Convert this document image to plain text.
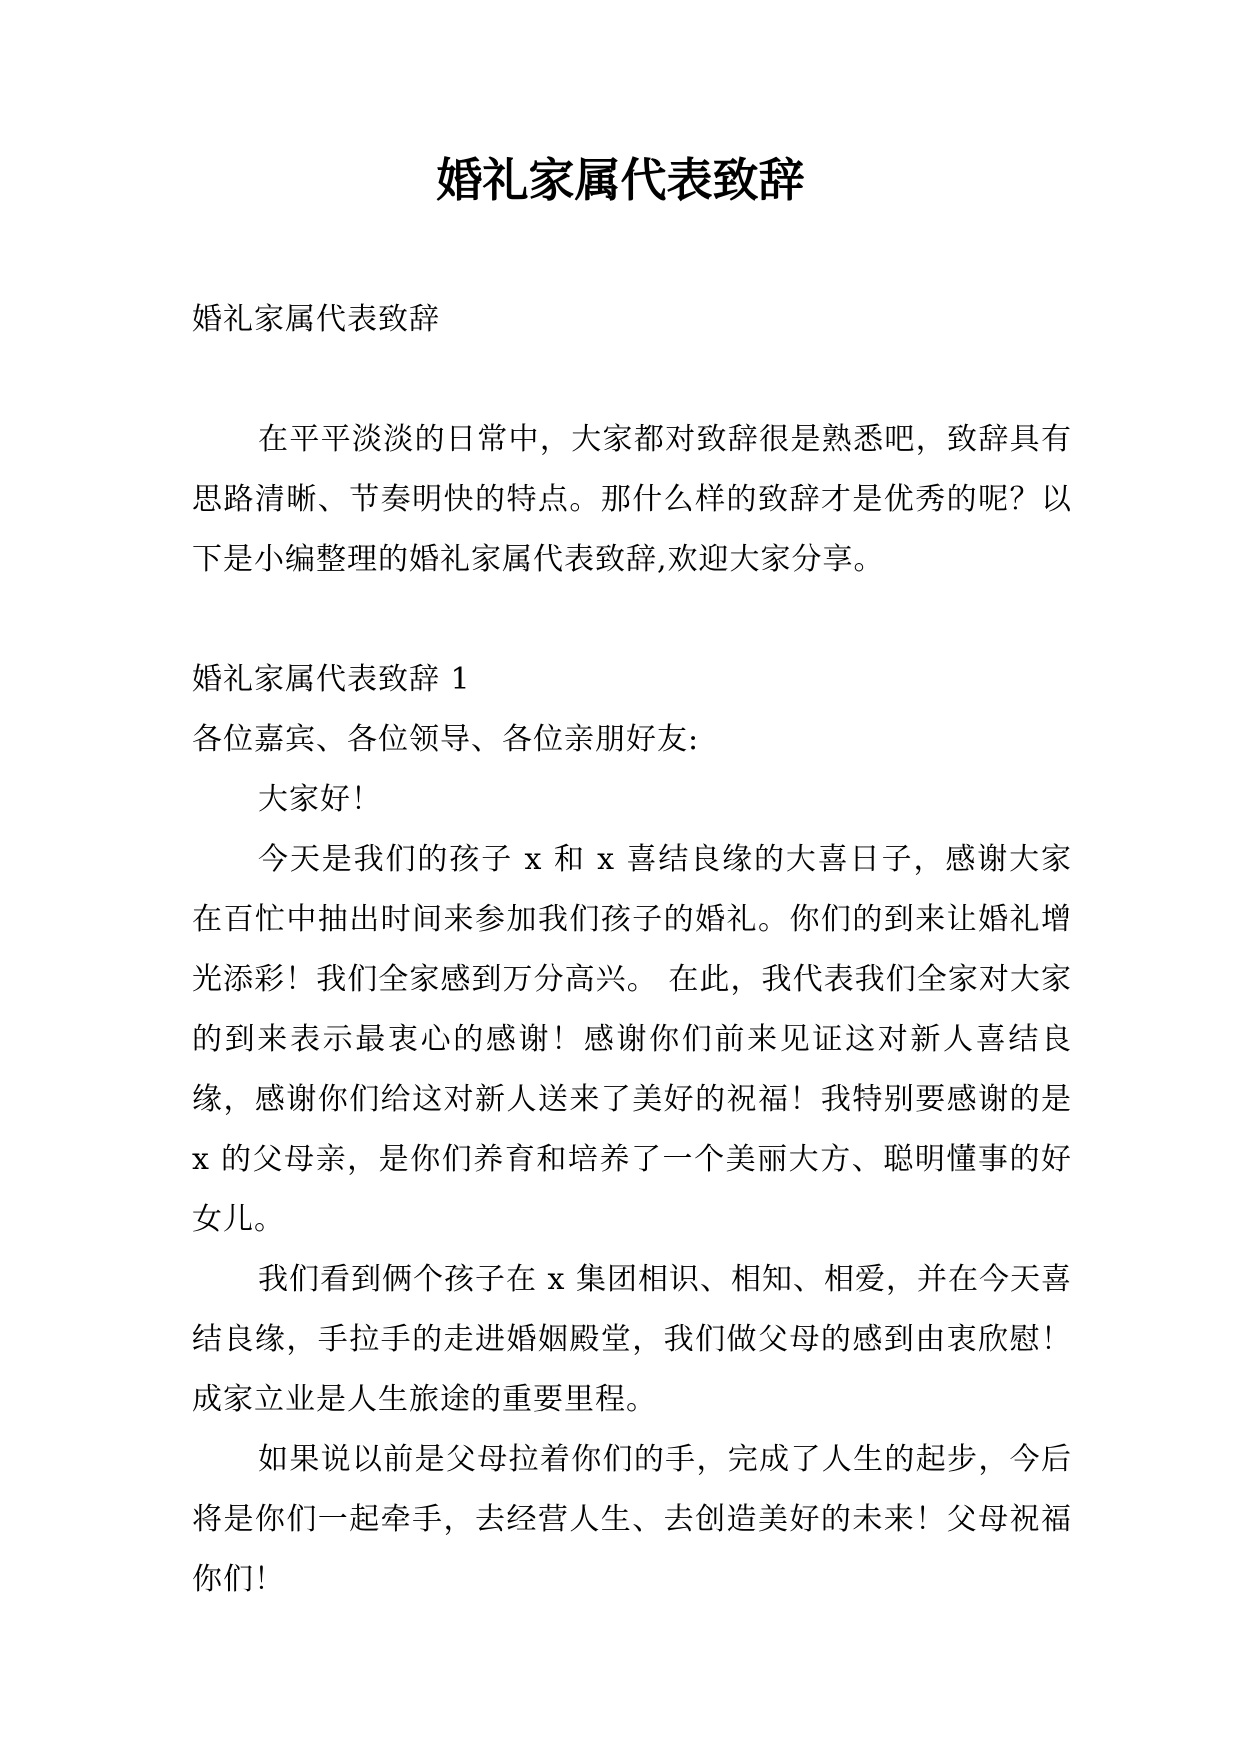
婚礼家属代表致辞

婚礼家属代表致辞

在平平淡淡的日常中，大家都对致辞很是熟悉吧，致辞具有思路清晰、节奏明快的特点。那什么样的致辞才是优秀的呢？以下是小编整理的婚礼家属代表致辞,欢迎大家分享。

婚礼家属代表致辞 1

各位嘉宾、各位领导、各位亲朋好友:

大家好！

今天是我们的孩子 x 和 x 喜结良缘的大喜日子，感谢大家在百忙中抽出时间来参加我们孩子的婚礼。你们的到来让婚礼增光添彩！我们全家感到万分高兴。 在此，我代表我们全家对大家的到来表示最衷心的感谢！感谢你们前来见证这对新人喜结良缘，感谢你们给这对新人送来了美好的祝福！我特别要感谢的是 x 的父母亲，是你们养育和培养了一个美丽大方、聪明懂事的好女儿。

我们看到俩个孩子在 x 集团相识、相知、相爱，并在今天喜结良缘，手拉手的走进婚姻殿堂，我们做父母的感到由衷欣慰！成家立业是人生旅途的重要里程。

如果说以前是父母拉着你们的手，完成了人生的起步，今后将是你们一起牵手，去经营人生、去创造美好的未来！父母祝福你们！
